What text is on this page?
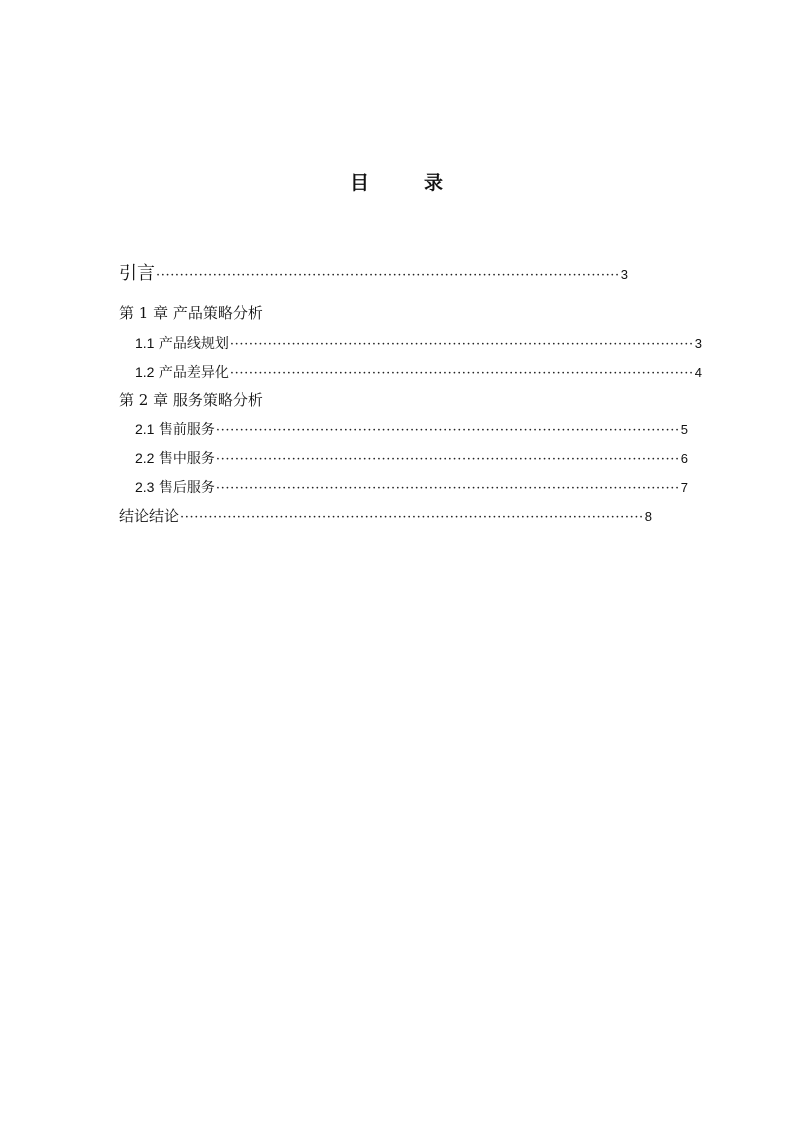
目　录
引言 ·································································································· 3
第 1 章 产品策略分析
1.1 产品线规划 ·································································································· 3
1.2 产品差异化 ·································································································· 4
第 2 章 服务策略分析
2.1 售前服务 ·································································································· 5
2.2 售中服务 ·································································································· 6
2.3 售后服务 ·································································································· 7
结论结论 ·································································································· 8
